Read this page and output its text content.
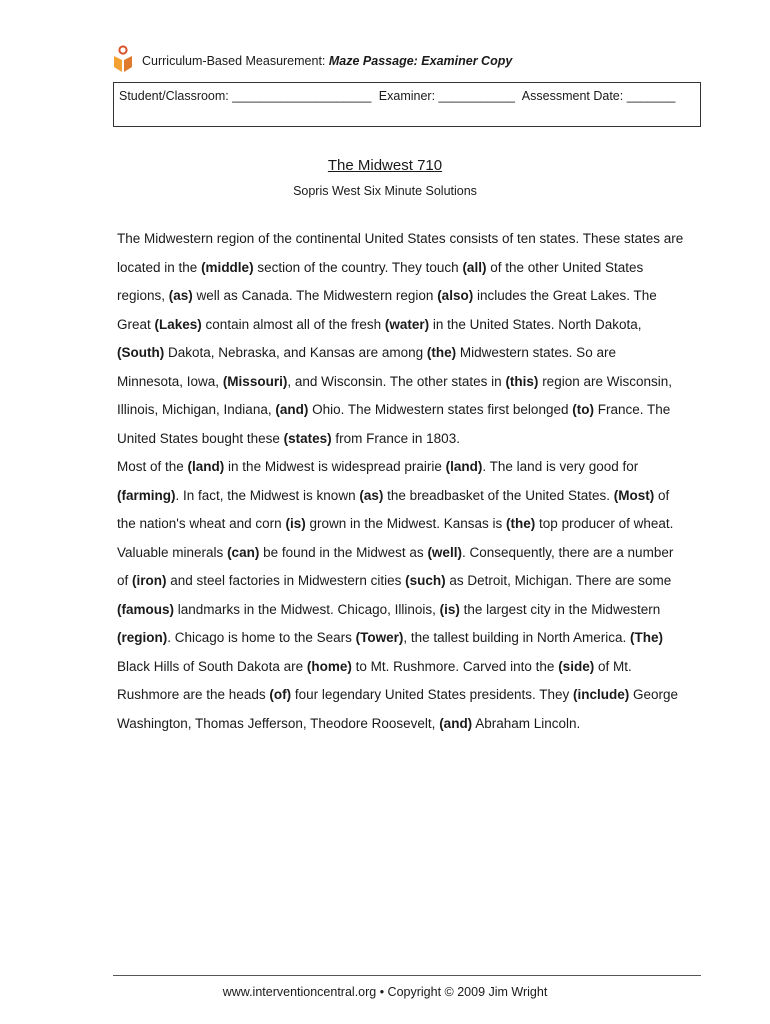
Curriculum-Based Measurement: Maze Passage: Examiner Copy
Student/Classroom: ____________________ Examiner: ___________ Assessment Date: _______
The Midwest 710
Sopris West Six Minute Solutions
The Midwestern region of the continental United States consists of ten states. These states are
located in the (middle) section of the country. They touch (all) of the other United States
regions, (as) well as Canada. The Midwestern region (also) includes the Great Lakes. The
Great (Lakes) contain almost all of the fresh (water) in the United States. North Dakota,
(South) Dakota, Nebraska, and Kansas are among (the) Midwestern states. So are
Minnesota, Iowa, (Missouri), and Wisconsin. The other states in (this) region are Wisconsin,
Illinois, Michigan, Indiana, (and) Ohio. The Midwestern states first belonged (to) France. The
United States bought these (states) from France in 1803.
Most of the (land) in the Midwest is widespread prairie (land). The land is very good for
(farming). In fact, the Midwest is known (as) the breadbasket of the United States. (Most) of
the nation's wheat and corn (is) grown in the Midwest. Kansas is (the) top producer of wheat.
Valuable minerals (can) be found in the Midwest as (well). Consequently, there are a number
of (iron) and steel factories in Midwestern cities (such) as Detroit, Michigan. There are some
(famous) landmarks in the Midwest. Chicago, Illinois, (is) the largest city in the Midwestern
(region). Chicago is home to the Sears (Tower), the tallest building in North America. (The)
Black Hills of South Dakota are (home) to Mt. Rushmore. Carved into the (side) of Mt.
Rushmore are the heads (of) four legendary United States presidents. They (include) George
Washington, Thomas Jefferson, Theodore Roosevelt, (and) Abraham Lincoln.
www.interventioncentral.org • Copyright © 2009 Jim Wright
